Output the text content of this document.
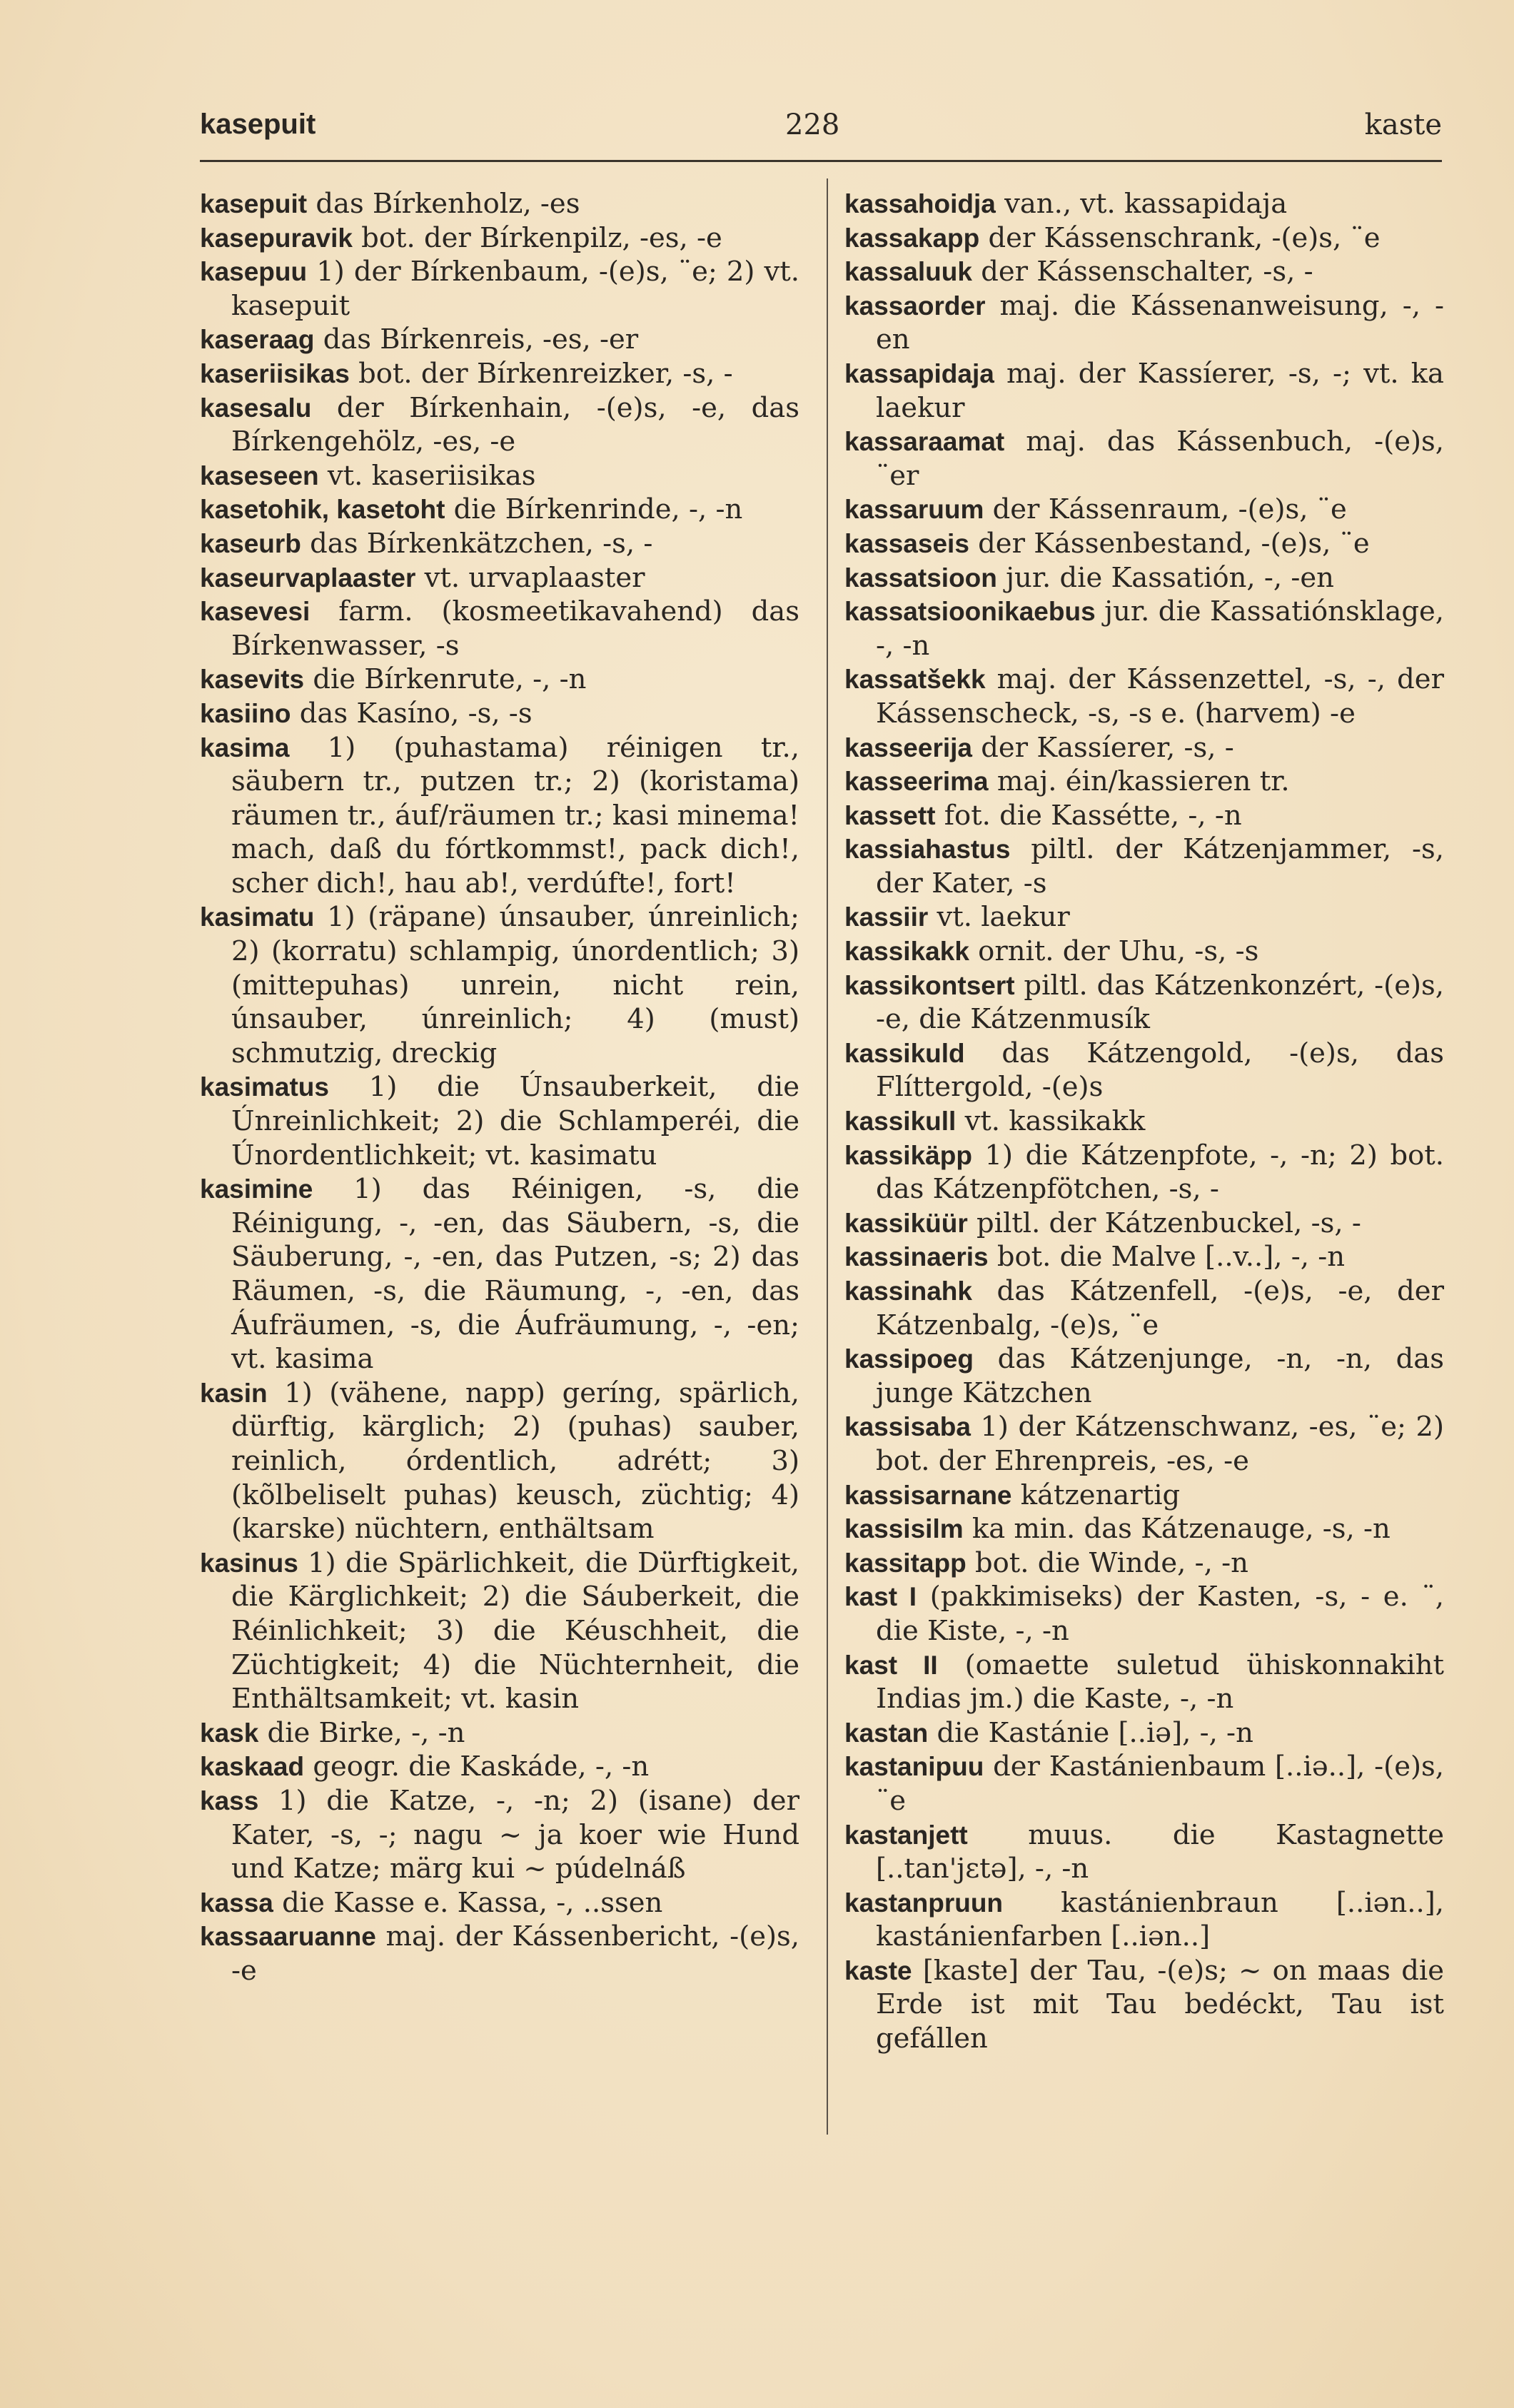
kasepuit	228	kaste
kasepuit das Bírkenholz, -es
kasepuravik bot. der Bírkenpilz, -es, -e
kasepuu 1) der Bírkenbaum, -(e)s, ¨e; 2) vt. kasepuit
kaseraag das Bírkenreis, -es, -er
kaseriisikas bot. der Bírkenreizker, -s, -
kasesalu der Bírkenhain, -(e)s, -e, das Bírkengehölz, -es, -e
kaseseen vt. kaseriisikas
kasetohik, kasetoht die Bírkenrinde, -, -n
kaseurb das Bírkenkätzchen, -s, -
kaseurvaplaaster vt. urvaplaaster
kasevesi farm. (kosmeetikavahend) das Bírkenwasser, -s
kasevits die Bírkenrute, -, -n
kasiino das Kasíno, -s, -s
kasima 1) (puhastama) réinigen tr., säubern tr., putzen tr.; 2) (koristama) räumen tr., áuf/räumen tr.; kasi minema! mach, daß du fórtkommst!, pack dich!, scher dich!, hau ab!, verdúfte!, fort!
kasimatu 1) (räpane) únsauber, únreinlich; 2) (korratu) schlampig, únordentlich; 3) (mittepuhas) unrein, nicht rein, únsauber, únreinlich; 4) (must) schmutzig, dreckig
kasimatus 1) die Únsauberkeit, die Únreinlichkeit; 2) die Schlamperéi, die Únordentlichkeit; vt. kasimatu
kasimine 1) das Réinigen, -s, die Réinigung, -, -en, das Säubern, -s, die Säuberung, -, -en, das Putzen, -s; 2) das Räumen, -s, die Räumung, -, -en, das Áufräumen, -s, die Áufräumung, -, -en; vt. kasima
kasin 1) (vähene, napp) geríng, spärlich, dürftig, kärglich; 2) (puhas) sauber, reinlich, órdentlich, adrétt; 3) (kõlbeliselt puhas) keusch, züchtig; 4) (karske) nüchtern, enthältsam
kasinus 1) die Spärlichkeit, die Dürftigkeit, die Kärglichkeit; 2) die Sáuberkeit, die Réinlichkeit; 3) die Kéuschheit, die Züchtigkeit; 4) die Nüchternheit, die Enthältsamkeit; vt. kasin
kask die Birke, -, -n
kaskaad geogr. die Kaskáde, -, -n
kass 1) die Katze, -, -n; 2) (isane) der Kater, -s, -; nagu ~ ja koer wie Hund und Katze; märg kui ~ púdelnáß
kassa die Kasse e. Kassa, -, ..ssen
kassaaruanne maj. der Kássenbericht, -(e)s, -e
kassahoidja van., vt. kassapidaja
kassakapp der Kássenschrank, -(e)s, ¨e
kassaluuk der Kássenschalter, -s, -
kassaorder maj. die Kássenanweisung, -, -en
kassapidaja maj. der Kassíerer, -s, -; vt. ka laekur
kassaraamat maj. das Kássenbuch, -(e)s, ¨er
kassaruum der Kássenraum, -(e)s, ¨e
kassaseis der Kássenbestand, -(e)s, ¨e
kassatsioon jur. die Kassatión, -, -en
kassatsioonikaebus jur. die Kassatiónsklage, -, -n
kassatšekk maj. der Kássenzettel, -s, -, der Kássenscheck, -s, -s e. (harvem) -e
kasseerija der Kassíerer, -s, -
kasseerima maj. éin/kassieren tr.
kassett fot. die Kassétte, -, -n
kassiahastus piltl. der Kátzenjammer, -s, der Kater, -s
kassiir vt. laekur
kassikakk ornit. der Uhu, -s, -s
kassikontsert piltl. das Kátzenkonzért, -(e)s, -e, die Kátzenmusík
kassikuld das Kátzengold, -(e)s, das Flíttergold, -(e)s
kassikull vt. kassikakk
kassikäpp 1) die Kátzenpfote, -, -n; 2) bot. das Kátzenpfötchen, -s, -
kassiküür piltl. der Kátzenbuckel, -s, -
kassinaeris bot. die Malve [..v..], -, -n
kassinahk das Kátzenfell, -(e)s, -e, der Kátzenbalg, -(e)s, ¨e
kassipoeg das Kátzenjunge, -n, -n, das junge Kätzchen
kassisaba 1) der Kátzenschwanz, -es, ¨e; 2) bot. der Ehrenpreis, -es, -e
kassisarnane kátzenartig
kassisilm ka min. das Kátzenauge, -s, -n
kassitapp bot. die Winde, -, -n
kast I (pakkimiseks) der Kasten, -s, - e. ¨, die Kiste, -, -n
kast II (omaette suletud ühiskonnakiht Indias jm.) die Kaste, -, -n
kastan die Kastánie [..iə], -, -n
kastanipuu der Kastánienbaum [..iə..], -(e)s, ¨e
kastanjett muus. die Kastagnette [..tan'jɛtə], -, -n
kastanpruun kastánienbraun [..iən..], kastánienfarben [..iən..]
kaste [kaste] der Tau, -(e)s; ~ on maas die Erde ist mit Tau bedéckt, Tau ist gefállen
